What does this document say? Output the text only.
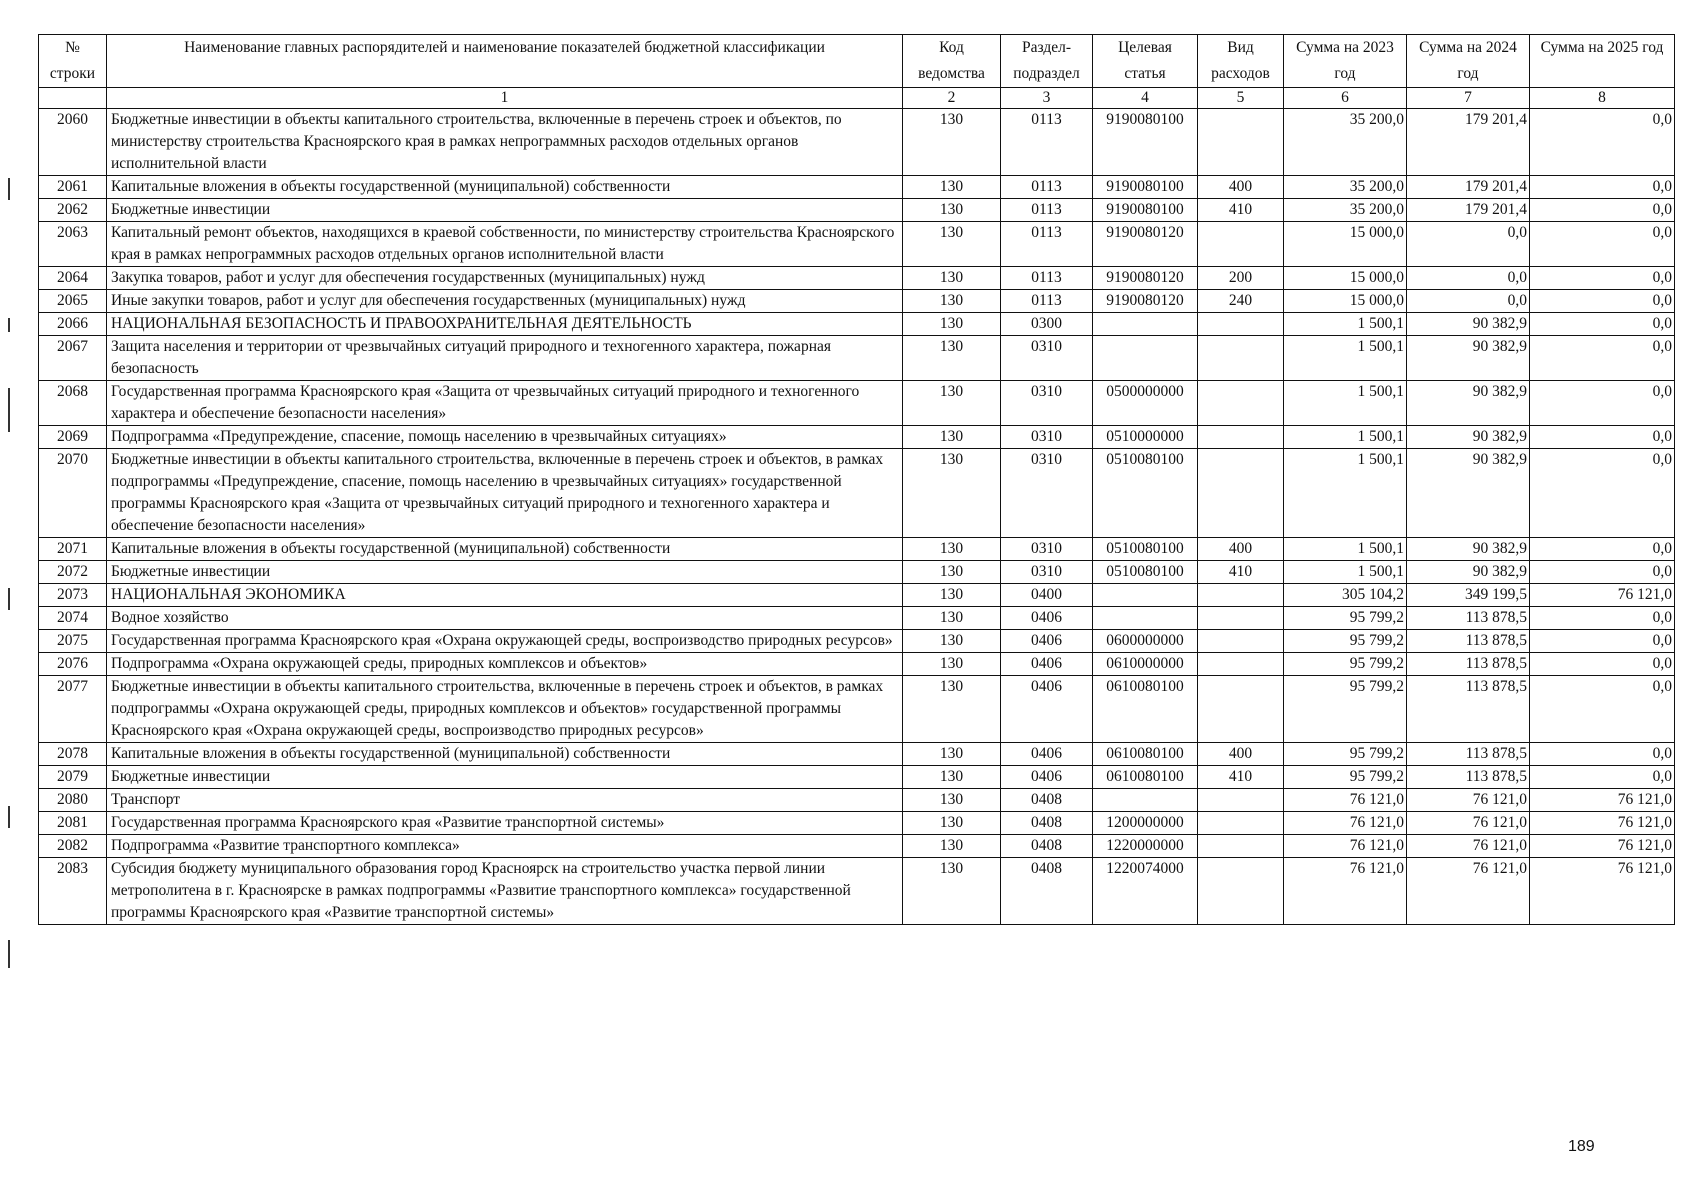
№ строки	Наименование главных распорядителей и наименование показателей бюджетной классификации	Код ведомства	Раздел-подраздел	Целевая статья	Вид расходов	Сумма на 2023 год	Сумма на 2024 год	Сумма на 2025 год
	1	2	3	4	5	6	7	8
2060	Бюджетные инвестиции в объекты капитального строительства, включенные в перечень строек и объектов, по министерству строительства Красноярского края в рамках непрограммных расходов отдельных органов исполнительной власти	130	0113	9190080100		35 200,0	179 201,4	0,0
2061	Капитальные вложения в объекты государственной (муниципальной) собственности	130	0113	9190080100	400	35 200,0	179 201,4	0,0
2062	Бюджетные инвестиции	130	0113	9190080100	410	35 200,0	179 201,4	0,0
2063	Капитальный ремонт объектов, находящихся в краевой собственности, по министерству строительства Красноярского края в рамках непрограммных расходов отдельных органов исполнительной власти	130	0113	9190080120		15 000,0	0,0	0,0
2064	Закупка товаров, работ и услуг для обеспечения государственных (муниципальных) нужд	130	0113	9190080120	200	15 000,0	0,0	0,0
2065	Иные закупки товаров, работ и услуг для обеспечения государственных (муниципальных) нужд	130	0113	9190080120	240	15 000,0	0,0	0,0
2066	НАЦИОНАЛЬНАЯ БЕЗОПАСНОСТЬ И ПРАВООХРАНИТЕЛЬНАЯ ДЕЯТЕЛЬНОСТЬ	130	0300			1 500,1	90 382,9	0,0
2067	Защита населения и территории от чрезвычайных ситуаций природного и техногенного характера, пожарная безопасность	130	0310			1 500,1	90 382,9	0,0
2068	Государственная программа Красноярского края «Защита от чрезвычайных ситуаций природного и техногенного характера и обеспечение безопасности населения»	130	0310	0500000000		1 500,1	90 382,9	0,0
2069	Подпрограмма «Предупреждение, спасение, помощь населению в чрезвычайных ситуациях»	130	0310	0510000000		1 500,1	90 382,9	0,0
2070	Бюджетные инвестиции в объекты капитального строительства, включенные в перечень строек и объектов, в рамках подпрограммы «Предупреждение, спасение, помощь населению в чрезвычайных ситуациях» государственной программы Красноярского края «Защита от чрезвычайных ситуаций природного и техногенного характера и обеспечение безопасности населения»	130	0310	0510080100		1 500,1	90 382,9	0,0
2071	Капитальные вложения в объекты государственной (муниципальной) собственности	130	0310	0510080100	400	1 500,1	90 382,9	0,0
2072	Бюджетные инвестиции	130	0310	0510080100	410	1 500,1	90 382,9	0,0
2073	НАЦИОНАЛЬНАЯ ЭКОНОМИКА	130	0400			305 104,2	349 199,5	76 121,0
2074	Водное хозяйство	130	0406			95 799,2	113 878,5	0,0
2075	Государственная программа Красноярского края «Охрана окружающей среды, воспроизводство природных ресурсов»	130	0406	0600000000		95 799,2	113 878,5	0,0
2076	Подпрограмма «Охрана окружающей среды, природных комплексов и объектов»	130	0406	0610000000		95 799,2	113 878,5	0,0
2077	Бюджетные инвестиции в объекты капитального строительства, включенные в перечень строек и объектов, в рамках подпрограммы «Охрана окружающей среды, природных комплексов и объектов» государственной программы Красноярского края «Охрана окружающей среды, воспроизводство природных ресурсов»	130	0406	0610080100		95 799,2	113 878,5	0,0
2078	Капитальные вложения в объекты государственной (муниципальной) собственности	130	0406	0610080100	400	95 799,2	113 878,5	0,0
2079	Бюджетные инвестиции	130	0406	0610080100	410	95 799,2	113 878,5	0,0
2080	Транспорт	130	0408			76 121,0	76 121,0	76 121,0
2081	Государственная программа Красноярского края «Развитие транспортной системы»	130	0408	1200000000		76 121,0	76 121,0	76 121,0
2082	Подпрограмма «Развитие транспортного комплекса»	130	0408	1220000000		76 121,0	76 121,0	76 121,0
2083	Субсидия бюджету муниципального образования город Красноярск на строительство участка первой линии метрополитена в г. Красноярске в рамках подпрограммы «Развитие транспортного комплекса» государственной программы Красноярского края «Развитие транспортной системы»	130	0408	1220074000		76 121,0	76 121,0	76 121,0
189
